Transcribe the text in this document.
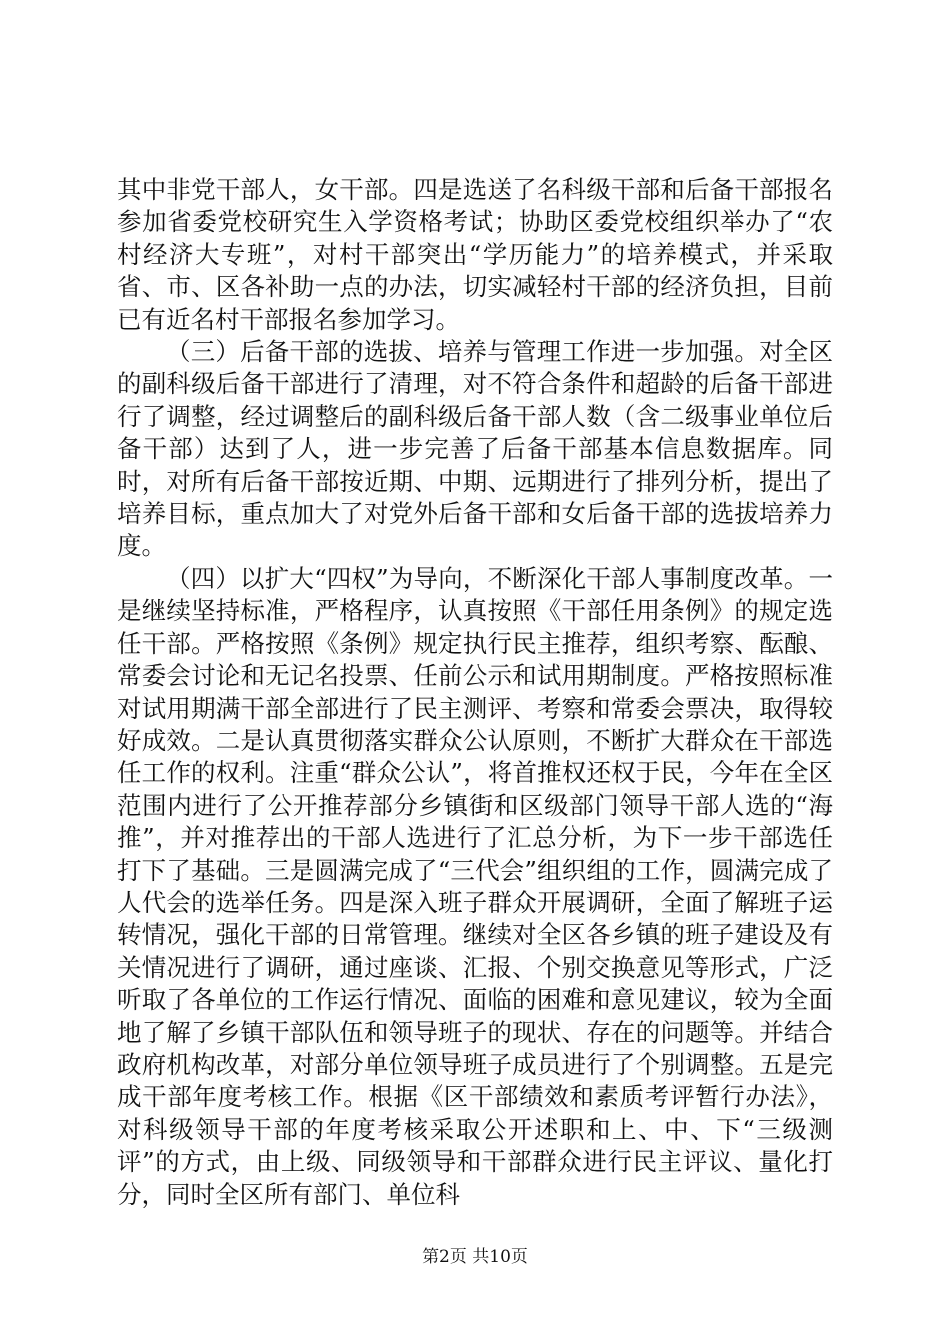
其中非党干部人，女干部。四是选送了名科级干部和后备干部报名参加省委党校研究生入学资格考试；协助区委党校组织举办了“农村经济大专班”，对村干部突出“学历能力”的培养模式，并采取省、市、区各补助一点的办法，切实减轻村干部的经济负担，目前已有近名村干部报名参加学习。

（三）后备干部的选拔、培养与管理工作进一步加强。对全区的副科级后备干部进行了清理，对不符合条件和超龄的后备干部进行了调整，经过调整后的副科级后备干部人数（含二级事业单位后备干部）达到了人，进一步完善了后备干部基本信息数据库。同时，对所有后备干部按近期、中期、远期进行了排列分析，提出了培养目标，重点加大了对党外后备干部和女后备干部的选拔培养力度。

（四）以扩大“四权”为导向，不断深化干部人事制度改革。一是继续坚持标准，严格程序，认真按照《干部任用条例》的规定选任干部。严格按照《条例》规定执行民主推荐，组织考察、酝酿、常委会讨论和无记名投票、任前公示和试用期制度。严格按照标准对试用期满干部全部进行了民主测评、考察和常委会票决，取得较好成效。二是认真贯彻落实群众公认原则，不断扩大群众在干部选任工作的权利。注重“群众公认”，将首推权还权于民，今年在全区范围内进行了公开推荐部分乡镇街和区级部门领导干部人选的“海推”，并对推荐出的干部人选进行了汇总分析，为下一步干部选任打下了基础。三是圆满完成了“三代会”组织组的工作，圆满完成了人代会的选举任务。四是深入班子群众开展调研，全面了解班子运转情况，强化干部的日常管理。继续对全区各乡镇的班子建设及有关情况进行了调研，通过座谈、汇报、个别交换意见等形式，广泛听取了各单位的工作运行情况、面临的困难和意见建议，较为全面地了解了乡镇干部队伍和领导班子的现状、存在的问题等。并结合政府机构改革，对部分单位领导班子成员进行了个别调整。五是完成干部年度考核工作。根据《区干部绩效和素质考评暂行办法》，对科级领导干部的年度考核采取公开述职和上、中、下“三级测评”的方式，由上级、同级领导和干部群众进行民主评议、量化打分，同时全区所有部门、单位科

第2页 共10页
